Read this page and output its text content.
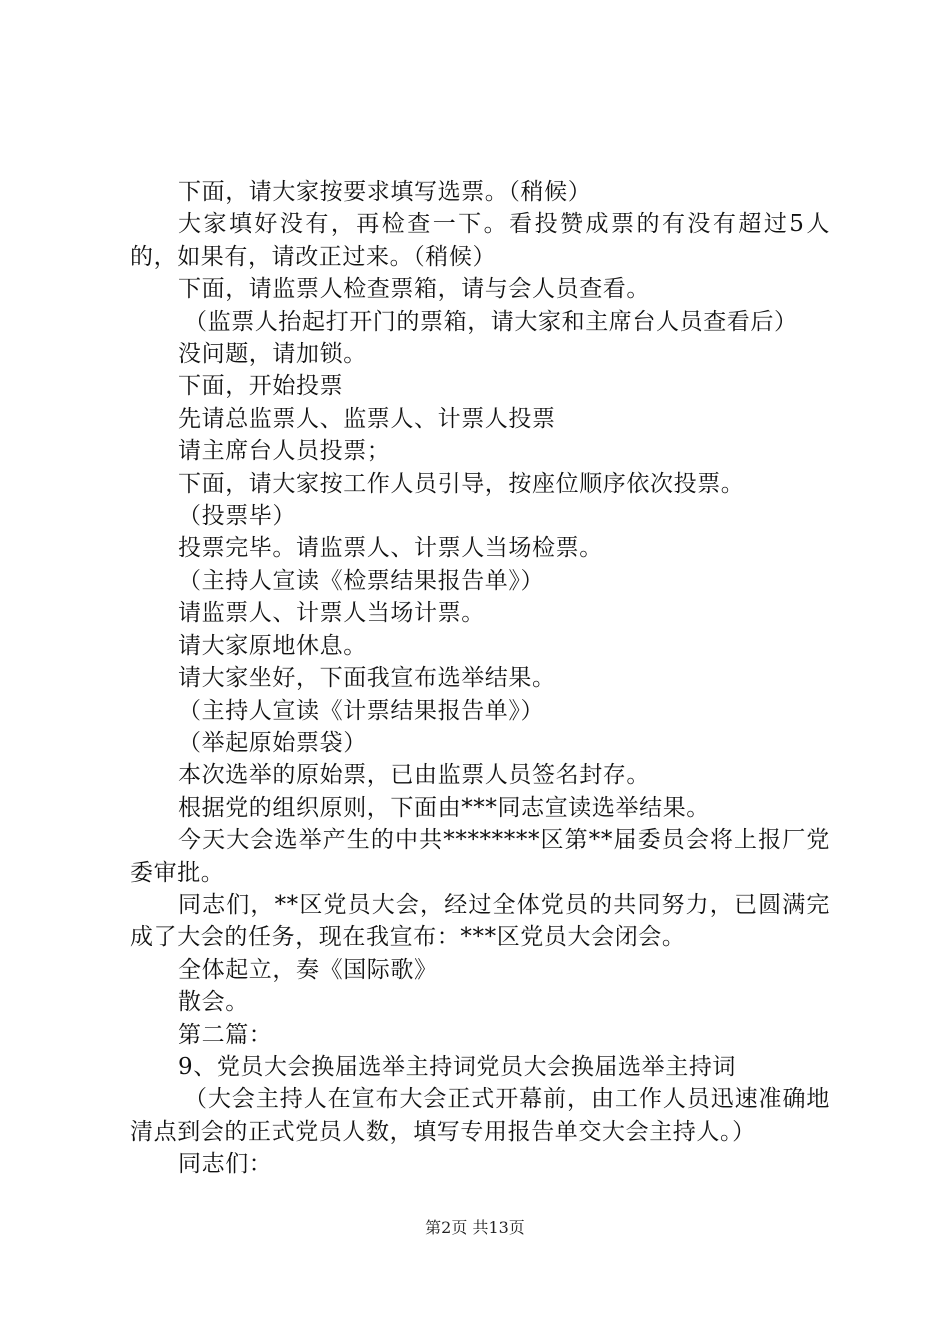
下面，请大家按要求填写选票。（稍候）

大家填好没有，再检查一下。看投赞成票的有没有超过5人的，如果有，请改正过来。（稍候）

下面，请监票人检查票箱，请与会人员查看。

（监票人抬起打开门的票箱，请大家和主席台人员查看后）

没问题，请加锁。

下面，开始投票

先请总监票人、监票人、计票人投票

请主席台人员投票；

下面，请大家按工作人员引导，按座位顺序依次投票。

（投票毕）

投票完毕。请监票人、计票人当场检票。

（主持人宣读《检票结果报告单》）

请监票人、计票人当场计票。

请大家原地休息。

请大家坐好，下面我宣布选举结果。

（主持人宣读《计票结果报告单》）

（举起原始票袋）

本次选举的原始票，已由监票人员签名封存。

根据党的组织原则，下面由***同志宣读选举结果。

今天大会选举产生的中共********区第**届委员会将上报厂党委审批。

同志们，**区党员大会，经过全体党员的共同努力，已圆满完成了大会的任务，现在我宣布：***区党员大会闭会。

全体起立，奏《国际歌》

散会。

第二篇：

9、党员大会换届选举主持词党员大会换届选举主持词

（大会主持人在宣布大会正式开幕前，由工作人员迅速准确地清点到会的正式党员人数，填写专用报告单交大会主持人。）

同志们：

第2页 共13页
